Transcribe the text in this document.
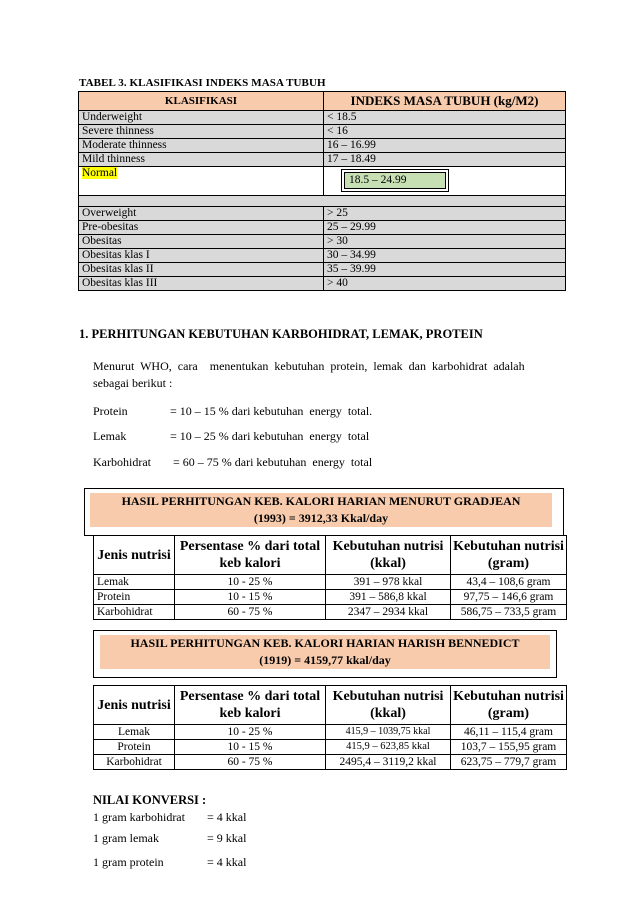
TABEL 3. KLASIFIKASI INDEKS MASA TUBUH
KLASIFIKASI	INDEKS MASA TUBUH (kg/M2)
Underweight	< 18.5
Severe thinness	< 16
Moderate thinness	16 – 16.99
Mild thinness	17 – 18.49
Normal	18.5 – 24.99

Overweight	> 25
Pre-obesitas	25 – 29.99
Obesitas	> 30
Obesitas klas I	30 – 34.99
Obesitas klas II	35 – 39.99
Obesitas klas III	> 40
1. PERHITUNGAN KEBUTUHAN KARBOHIDRAT, LEMAK, PROTEIN
Menurut  WHO,  cara    menentukan  kebutuhan  protein,  lemak  dan  karbohidrat  adalah
sebagai berikut :
Protein	= 10 – 15 % dari kebutuhan  energy  total.
Lemak	= 10 – 25 % dari kebutuhan  energy  total
Karbohidrat = 60 – 75 % dari kebutuhan  energy  total
HASIL PERHITUNGAN KEB. KALORI HARIAN MENURUT GRADJEAN
(1993) = 3912,33 Kkal/day
Jenis nutrisi	Persentase % dari total keb kalori	Kebutuhan nutrisi (kkal)	Kebutuhan nutrisi (gram)
Lemak	10 - 25 %	391 – 978 kkal	43,4 – 108,6 gram
Protein	10 - 15 %	391 – 586,8 kkal	97,75 – 146,6 gram
Karbohidrat	60 - 75 %	2347 – 2934 kkal	586,75 – 733,5 gram
HASIL PERHITUNGAN KEB. KALORI HARIAN HARISH BENNEDICT
(1919) = 4159,77 kkal/day
Jenis nutrisi	Persentase % dari total keb kalori	Kebutuhan nutrisi (kkal)	Kebutuhan nutrisi (gram)
Lemak	10 - 25 %	415,9 – 1039,75 kkal	46,11 – 115,4 gram
Protein	10 - 15 %	415,9 – 623,85 kkal	103,7 – 155,95 gram
Karbohidrat	60 - 75 %	2495,4 – 3119,2 kkal	623,75 – 779,7 gram
NILAI KONVERSI :
1 gram karbohidrat = 4 kkal
1 gram lemak	= 9 kkal
1 gram protein	= 4 kkal
